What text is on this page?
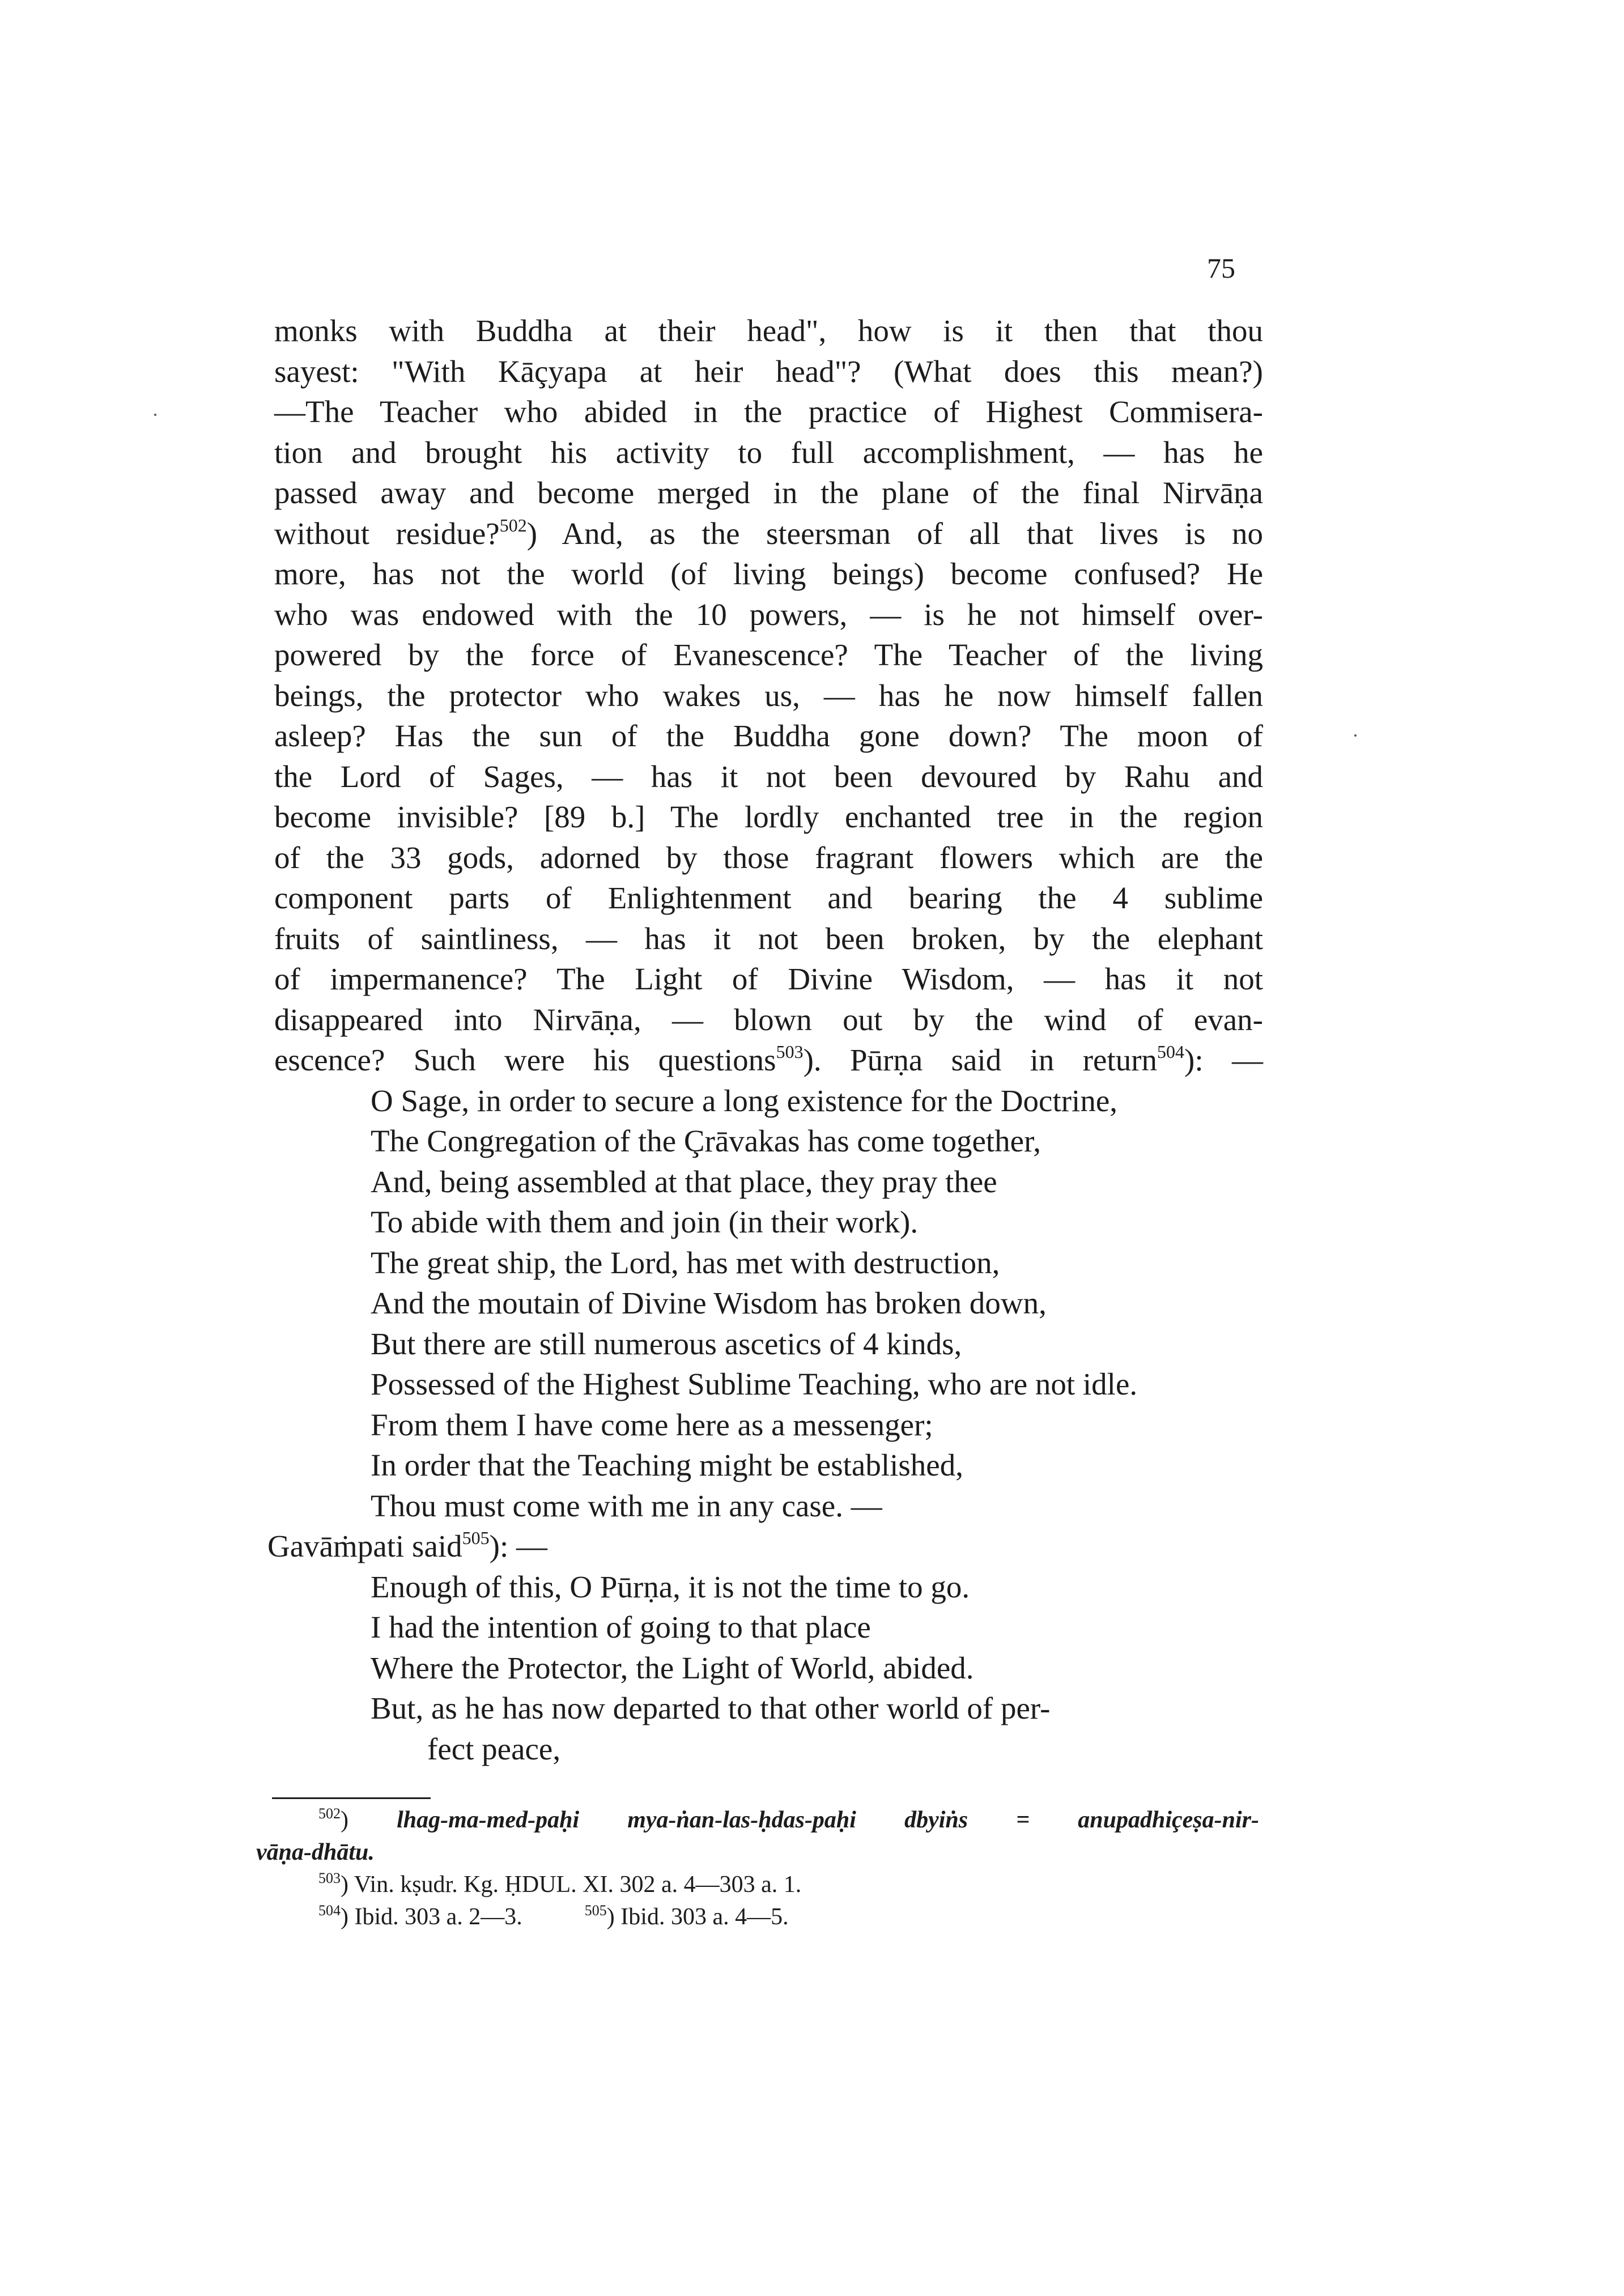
75
monks with Buddha at their head", how is it then that thou
sayest: "With Kāçyapa at heir head"? (What does this mean?)
—The Teacher who abided in the practice of Highest Commisera-
tion and brought his activity to full accomplishment, — has he
passed away and become merged in the plane of the final Nirvāṇa
without residue?$^{502}$) And, as the steersman of all that lives is no
more, has not the world (of living beings) become confused? He
who was endowed with the 10 powers, — is he not himself over-
powered by the force of Evanescence? The Teacher of the living
beings, the protector who wakes us, — has he now himself fallen
asleep? Has the sun of the Buddha gone down? The moon of
the Lord of Sages, — has it not been devoured by Rahu and
become invisible? [89 b.] The lordly enchanted tree in the region
of the 33 gods, adorned by those fragrant flowers which are the
component parts of Enlightenment and bearing the 4 sublime
fruits of saintliness, — has it not been broken, by the elephant
of impermanence? The Light of Divine Wisdom, — has it not
disappeared into Nirvāṇa, — blown out by the wind of evan-
escence? Such were his questions$^{503}$). Pūrṇa said in return$^{504}$): —
O Sage, in order to secure a long existence for the Doctrine,
The Congregation of the Çrāvakas has come together,
And, being assembled at that place, they pray thee
To abide with them and join (in their work).
The great ship, the Lord, has met with destruction,
And the moutain of Divine Wisdom has broken down,
But there are still numerous ascetics of 4 kinds,
Possessed of the Highest Sublime Teaching, who are not idle.
From them I have come here as a messenger;
In order that the Teaching might be established,
Thou must come with me in any case. —
Gavāṁpati said$^{505}$): —
Enough of this, O Pūrṇa, it is not the time to go.
I had the intention of going to that place
Where the Protector, the Light of World, abided.
But, as he has now departed to that other world of per-
fect peace,
$^{502}$) lhag-ma-med-paḥi mya-ṅan-las-ḥdas-paḥi dbyiṅs = anupadhiçeṣa-nir-
vāṇa-dhātu.
$^{503}$) Vin. kṣudr. Kg. ḤDUL. XI. 302 a. 4—303 a. 1.
$^{504}$) Ibid. 303 a. 2—3.	$^{505}$) Ibid. 303 a. 4—5.
